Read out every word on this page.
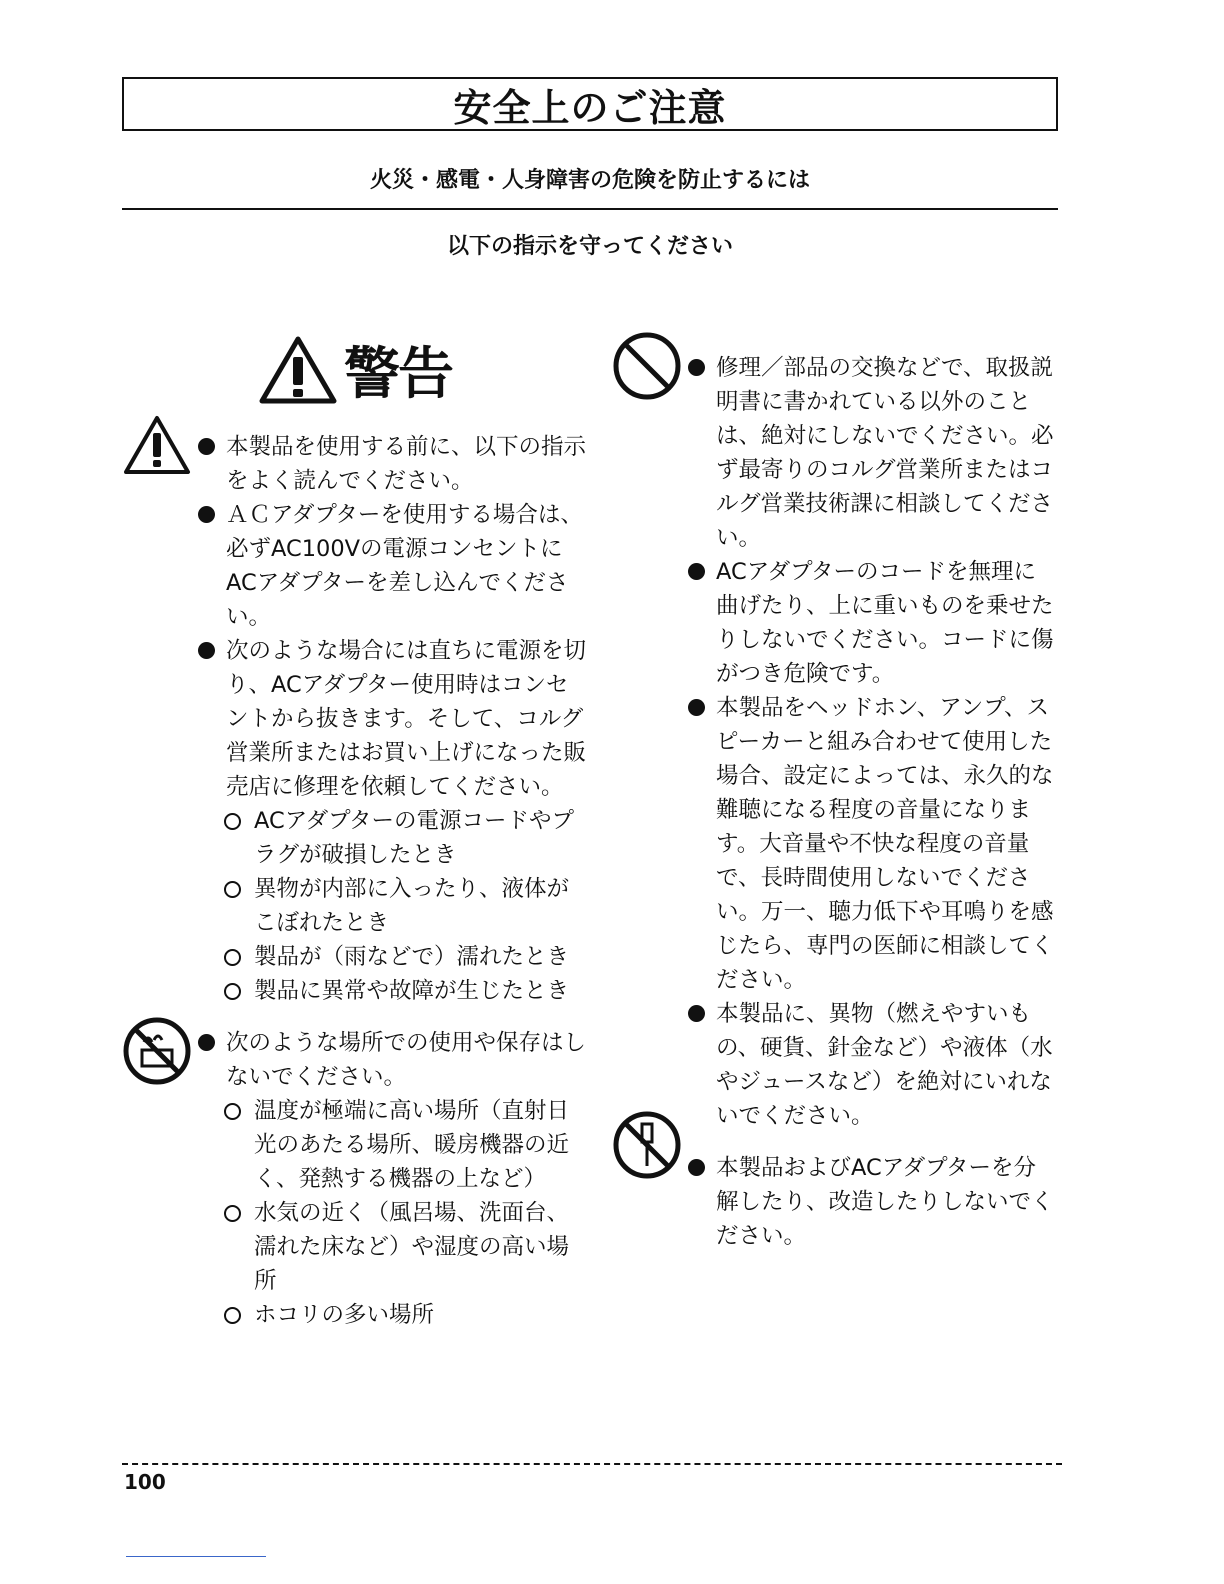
安全上のご注意
火災・感電・人身障害の危険を防止するには
以下の指示を守ってください
警告
本製品を使用する前に、以下の指示をよく読んでください。
ＡＣアダプターを使用する場合は、必ずAC100Vの電源コンセントにACアダプターを差し込んでください。
次のような場合には直ちに電源を切り、ACアダプター使用時はコンセントから抜きます。そして、コルグ営業所またはお買い上げになった販売店に修理を依頼してください。
ACアダプターの電源コードやプラグが破損したとき
異物が内部に入ったり、液体がこぼれたとき
製品が（雨などで）濡れたとき
製品に異常や故障が生じたとき
次のような場所での使用や保存はしないでください。
温度が極端に高い場所（直射日光のあたる場所、暖房機器の近く、発熱する機器の上など）
水気の近く（風呂場、洗面台、濡れた床など）や湿度の高い場所
ホコリの多い場所
修理／部品の交換などで、取扱説明書に書かれている以外のことは、絶対にしないでください。必ず最寄りのコルグ営業所またはコルグ営業技術課に相談してください。
ACアダプターのコードを無理に曲げたり、上に重いものを乗せたりしないでください。コードに傷がつき危険です。
本製品をヘッドホン、アンプ、スピーカーと組み合わせて使用した場合、設定によっては、永久的な難聴になる程度の音量になります。大音量や不快な程度の音量で、長時間使用しないでください。万一、聴力低下や耳鳴りを感じたら、専門の医師に相談してください。
本製品に、異物（燃えやすいもの、硬貨、針金など）や液体（水やジュースなど）を絶対にいれないでください。
本製品およびACアダプターを分解したり、改造したりしないでください。
100
